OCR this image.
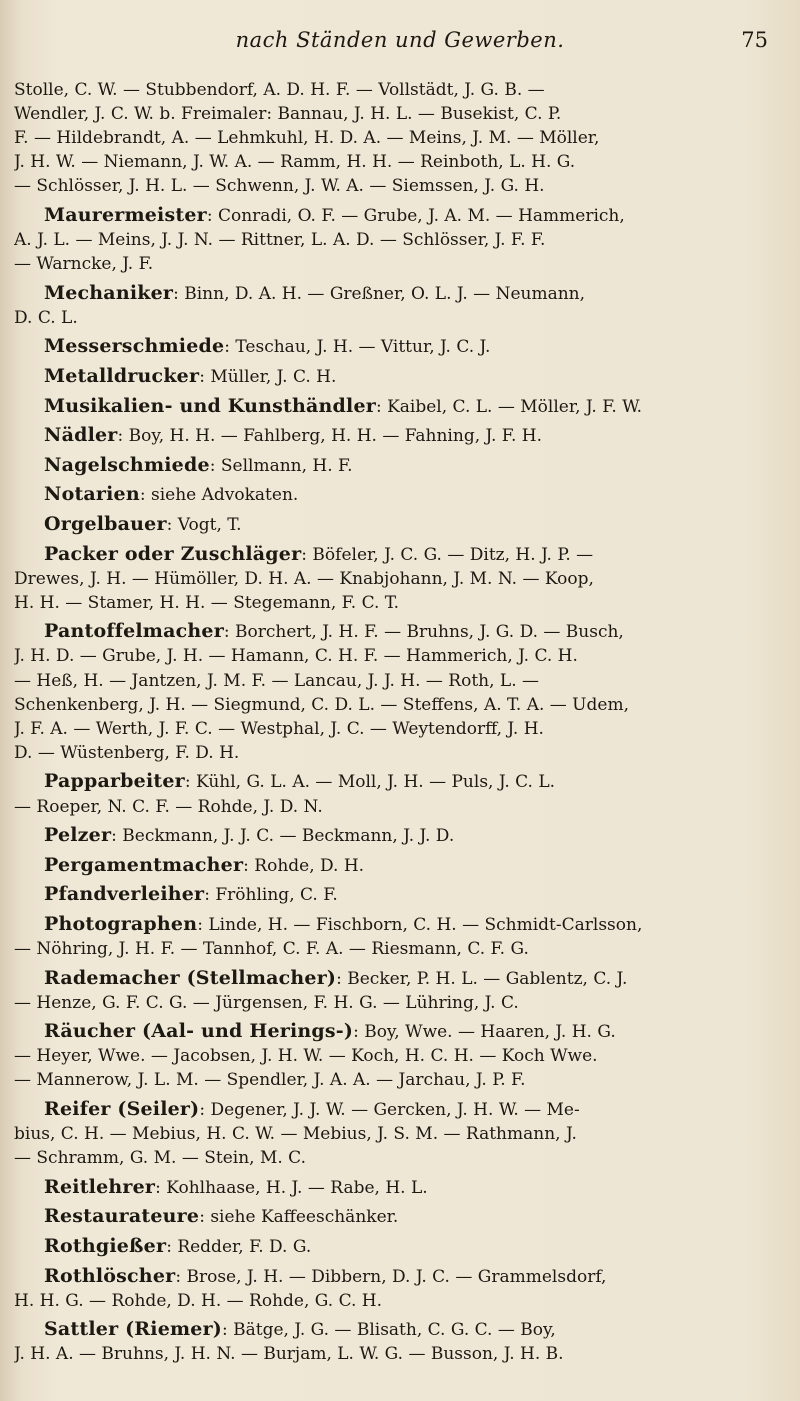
nach Ständen und Gewerben.	75
Stolle, C. W. — Stubbendorf, A. D. H. F. — Vollstädt, J. G. B. —
Wendler, J. C. W. b. Freimaler: Bannau, J. H. L. — Busekist, C. P.
F. — Hildebrandt, A. — Lehmkuhl, H. D. A. — Meins, J. M. — Möller,
J. H. W. — Niemann, J. W. A. — Ramm, H. H. — Reinboth, L. H. G.
— Schlösser, J. H. L. — Schwenn, J. W. A. — Siemssen, J. G. H.
Maurermeister: Conradi, O. F. — Grube, J. A. M. — Hammerich,
A. J. L. — Meins, J. J. N. — Rittner, L. A. D. — Schlösser, J. F. F.
— Warncke, J. F.
Mechaniker: Binn, D. A. H. — Greßner, O. L. J. — Neumann,
D. C. L.
Messerschmiede: Teschau, J. H. — Vittur, J. C. J.
Metalldrucker: Müller, J. C. H.
Musikalien- und Kunsthändler: Kaibel, C. L. — Möller, J. F. W.
Nädler: Boy, H. H. — Fahlberg, H. H. — Fahning, J. F. H.
Nagelschmiede: Sellmann, H. F.
Notarien: siehe Advokaten.
Orgelbauer: Vogt, T.
Packer oder Zuschläger: Böfeler, J. C. G. — Ditz, H. J. P. —
Drewes, J. H. — Hümöller, D. H. A. — Knabjohann, J. M. N. — Koop,
H. H. — Stamer, H. H. — Stegemann, F. C. T.
Pantoffelmacher: Borchert, J. H. F. — Bruhns, J. G. D. — Busch,
J. H. D. — Grube, J. H. — Hamann, C. H. F. — Hammerich, J. C. H.
— Heß, H. — Jantzen, J. M. F. — Lancau, J. J. H. — Roth, L. —
Schenkenberg, J. H. — Siegmund, C. D. L. — Steffens, A. T. A. — Udem,
J. F. A. — Werth, J. F. C. — Westphal, J. C. — Weytendorff, J. H.
D. — Wüstenberg, F. D. H.
Papparbeiter: Kühl, G. L. A. — Moll, J. H. — Puls, J. C. L.
— Roeper, N. C. F. — Rohde, J. D. N.
Pelzer: Beckmann, J. J. C. — Beckmann, J. J. D.
Pergamentmacher: Rohde, D. H.
Pfandverleiher: Fröhling, C. F.
Photographen: Linde, H. — Fischborn, C. H. — Schmidt-Carlsson,
— Nöhring, J. H. F. — Tannhof, C. F. A. — Riesmann, C. F. G.
Rademacher (Stellmacher): Becker, P. H. L. — Gablentz, C. J.
— Henze, G. F. C. G. — Jürgensen, F. H. G. — Lühring, J. C.
Räucher (Aal- und Herings-): Boy, Wwe. — Haaren, J. H. G.
— Heyer, Wwe. — Jacobsen, J. H. W. — Koch, H. C. H. — Koch Wwe.
— Mannerow, J. L. M. — Spendler, J. A. A. — Jarchau, J. P. F.
Reifer (Seiler): Degener, J. J. W. — Gercken, J. H. W. — Me-
bius, C. H. — Mebius, H. C. W. — Mebius, J. S. M. — Rathmann, J.
— Schramm, G. M. — Stein, M. C.
Reitlehrer: Kohlhaase, H. J. — Rabe, H. L.
Restaurateure: siehe Kaffeeschänker.
Rothgießer: Redder, F. D. G.
Rothlöscher: Brose, J. H. — Dibbern, D. J. C. — Grammelsdorf,
H. H. G. — Rohde, D. H. — Rohde, G. C. H.
Sattler (Riemer): Bätge, J. G. — Blisath, C. G. C. — Boy,
J. H. A. — Bruhns, J. H. N. — Burjam, L. W. G. — Busson, J. H. B.
